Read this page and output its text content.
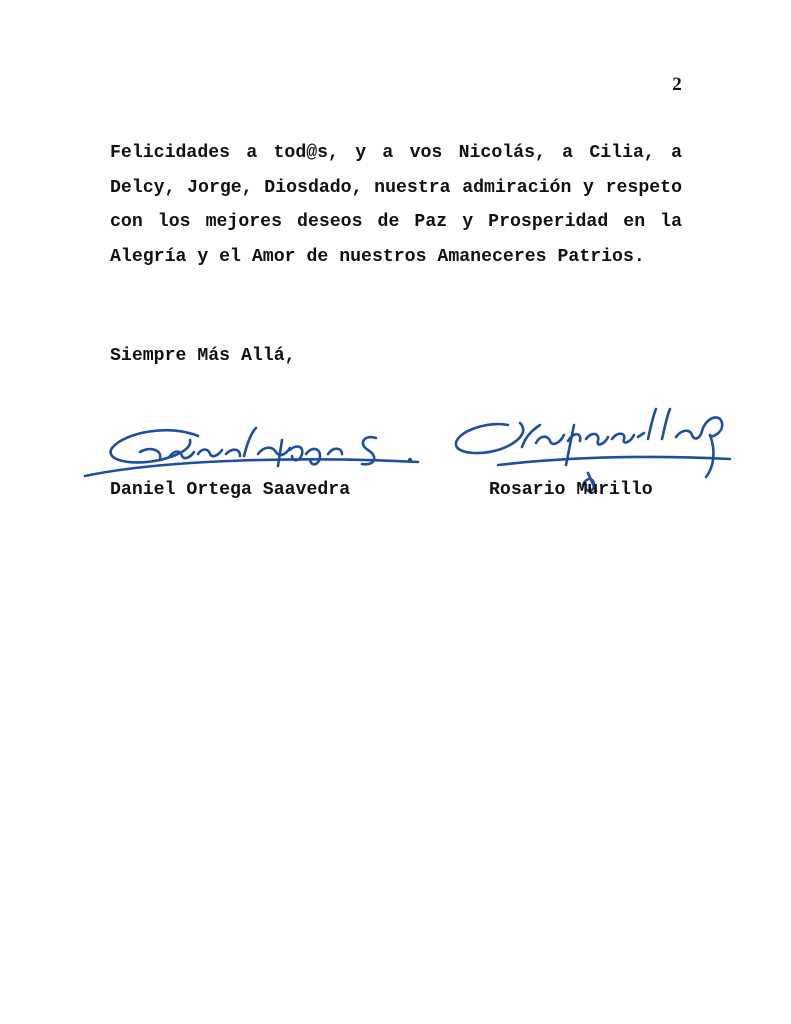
2

Felicidades a tod@s, y a vos Nicolás, a Cilia, a Delcy, Jorge, Diosdado, nuestra admiración y respeto con los mejores deseos de Paz y Prosperidad en la Alegría y el Amor de nuestros Amaneceres Patrios.

Siempre Más Allá,

Daniel Ortega Saavedra	Rosario Murillo
